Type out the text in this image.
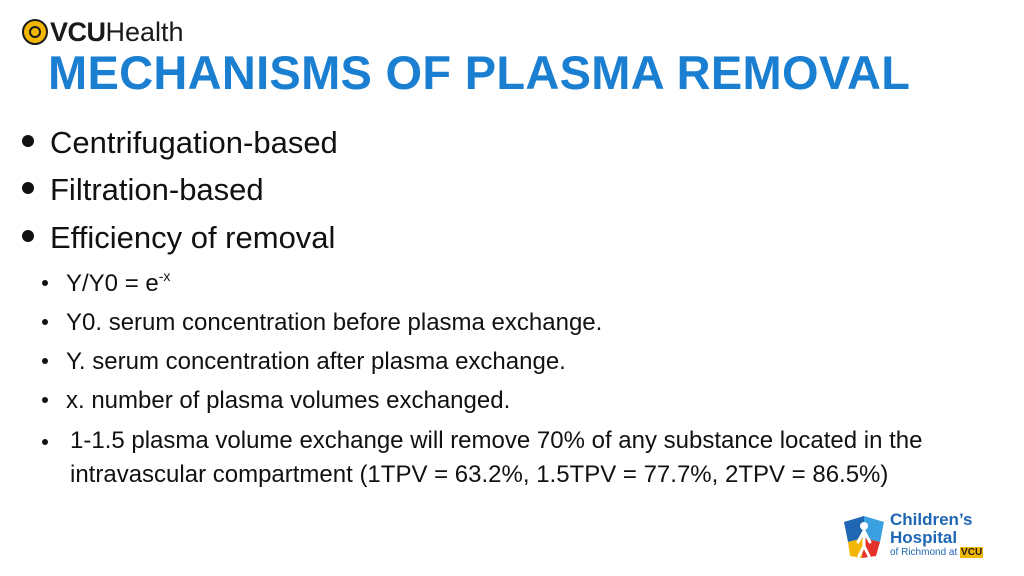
VCU Health
MECHANISMS OF PLASMA REMOVAL
Centrifugation-based
Filtration-based
Efficiency of removal
$Y/Y0 = e^{-x}$
Y0. serum concentration before plasma exchange.
Y. serum concentration after plasma exchange.
x. number of plasma volumes exchanged.
1-1.5 plasma volume exchange will remove 70% of any substance located in the intravascular compartment (1TPV = 63.2%, 1.5TPV = 77.7%, 2TPV = 86.5%)
Children’s
Hospital
of Richmond at VCU
